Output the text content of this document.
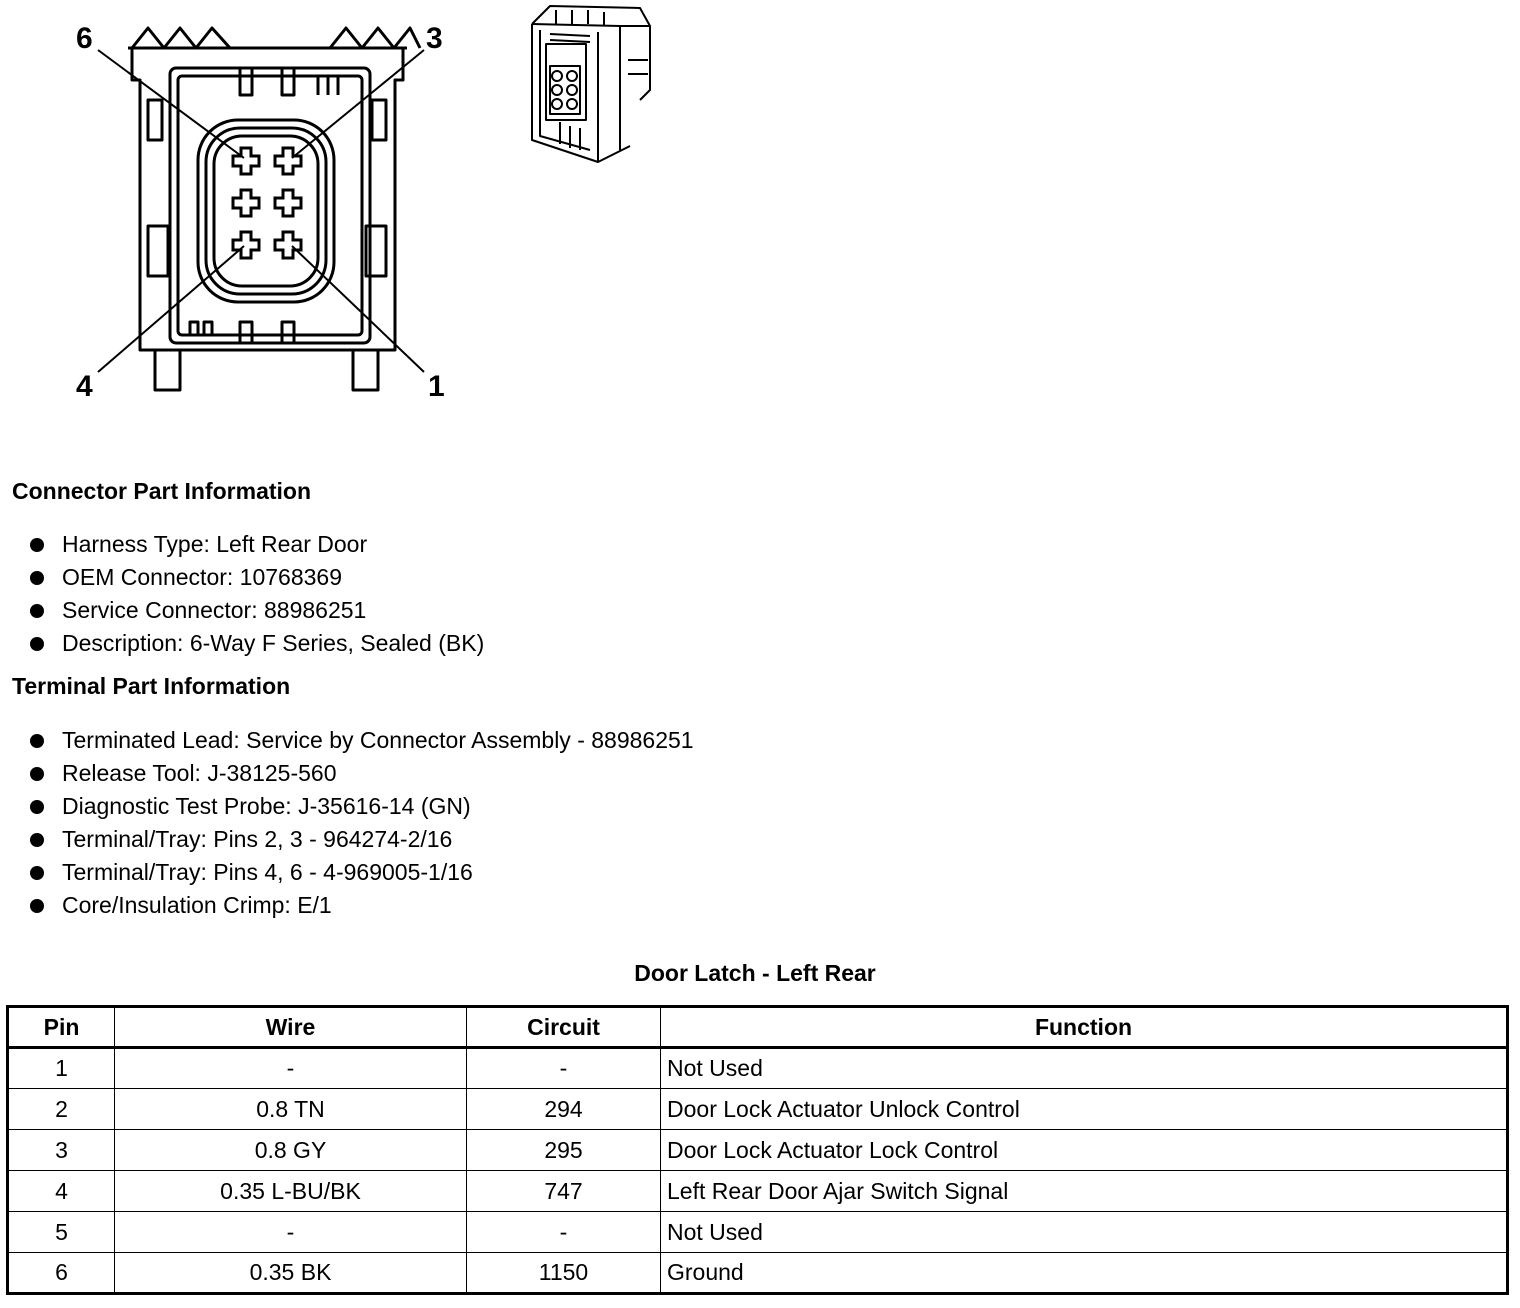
6	3
4	1
Connector Part Information
Harness Type: Left Rear Door
OEM Connector: 10768369
Service Connector: 88986251
Description: 6-Way F Series, Sealed (BK)
Terminal Part Information
Terminated Lead: Service by Connector Assembly - 88986251
Release Tool: J-38125-560
Diagnostic Test Probe: J-35616-14 (GN)
Terminal/Tray: Pins 2, 3 - 964274-2/16
Terminal/Tray: Pins 4, 6 - 4-969005-1/16
Core/Insulation Crimp: E/1
Door Latch - Left Rear
Pin	Wire	Circuit	Function
1	-	-	Not Used
2	0.8 TN	294	Door Lock Actuator Unlock Control
3	0.8 GY	295	Door Lock Actuator Lock Control
4	0.35 L-BU/BK	747	Left Rear Door Ajar Switch Signal
5	-	-	Not Used
6	0.35 BK	1150	Ground
